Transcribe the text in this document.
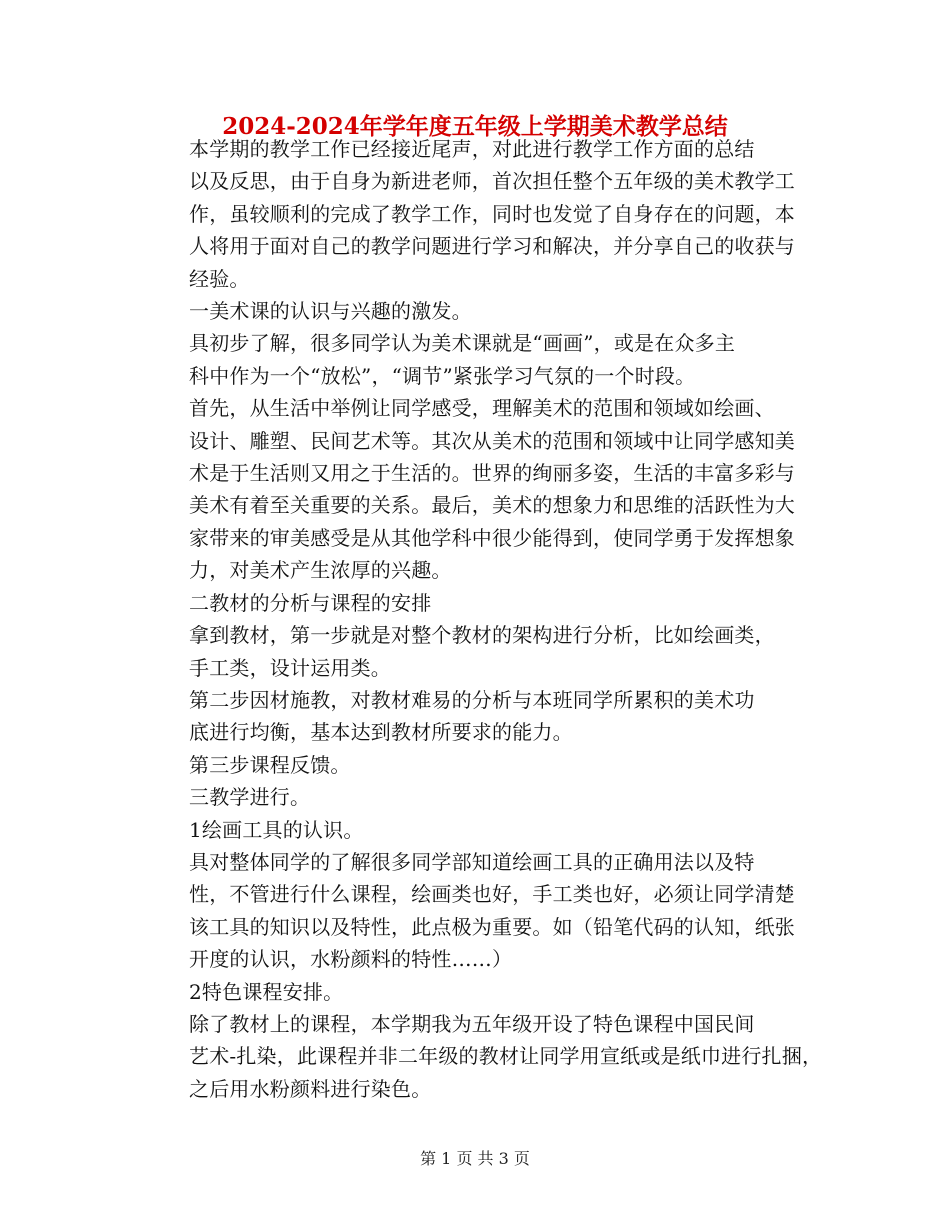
2024-2024年学年度五年级上学期美术教学总结

本学期的教学工作已经接近尾声，对此进行教学工作方面的总结
以及反思，由于自身为新进老师，首次担任整个五年级的美术教学工
作，虽较顺利的完成了教学工作，同时也发觉了自身存在的问题，本
人将用于面对自己的教学问题进行学习和解决，并分享自己的收获与
经验。

一美术课的认识与兴趣的激发。

具初步了解，很多同学认为美术课就是“画画”，或是在众多主
科中作为一个“放松”，“调节”紧张学习气氛的一个时段。

首先，从生活中举例让同学感受，理解美术的范围和领域如绘画、
设计、雕塑、民间艺术等。其次从美术的范围和领域中让同学感知美
术是于生活则又用之于生活的。世界的绚丽多姿，生活的丰富多彩与
美术有着至关重要的关系。最后，美术的想象力和思维的活跃性为大
家带来的审美感受是从其他学科中很少能得到，使同学勇于发挥想象
力，对美术产生浓厚的兴趣。

二教材的分析与课程的安排

拿到教材，第一步就是对整个教材的架构进行分析，比如绘画类，
手工类，设计运用类。

第二步因材施教，对教材难易的分析与本班同学所累积的美术功
底进行均衡，基本达到教材所要求的能力。

第三步课程反馈。

三教学进行。

1绘画工具的认识。

具对整体同学的了解很多同学部知道绘画工具的正确用法以及特
性，不管进行什么课程，绘画类也好，手工类也好，必须让同学清楚
该工具的知识以及特性，此点极为重要。如（铅笔代码的认知，纸张
开度的认识，水粉颜料的特性……）

2特色课程安排。

除了教材上的课程，本学期我为五年级开设了特色课程中国民间
艺术-扎染，此课程并非二年级的教材让同学用宣纸或是纸巾进行扎捆，
之后用水粉颜料进行染色。

第 1 页 共 3 页
